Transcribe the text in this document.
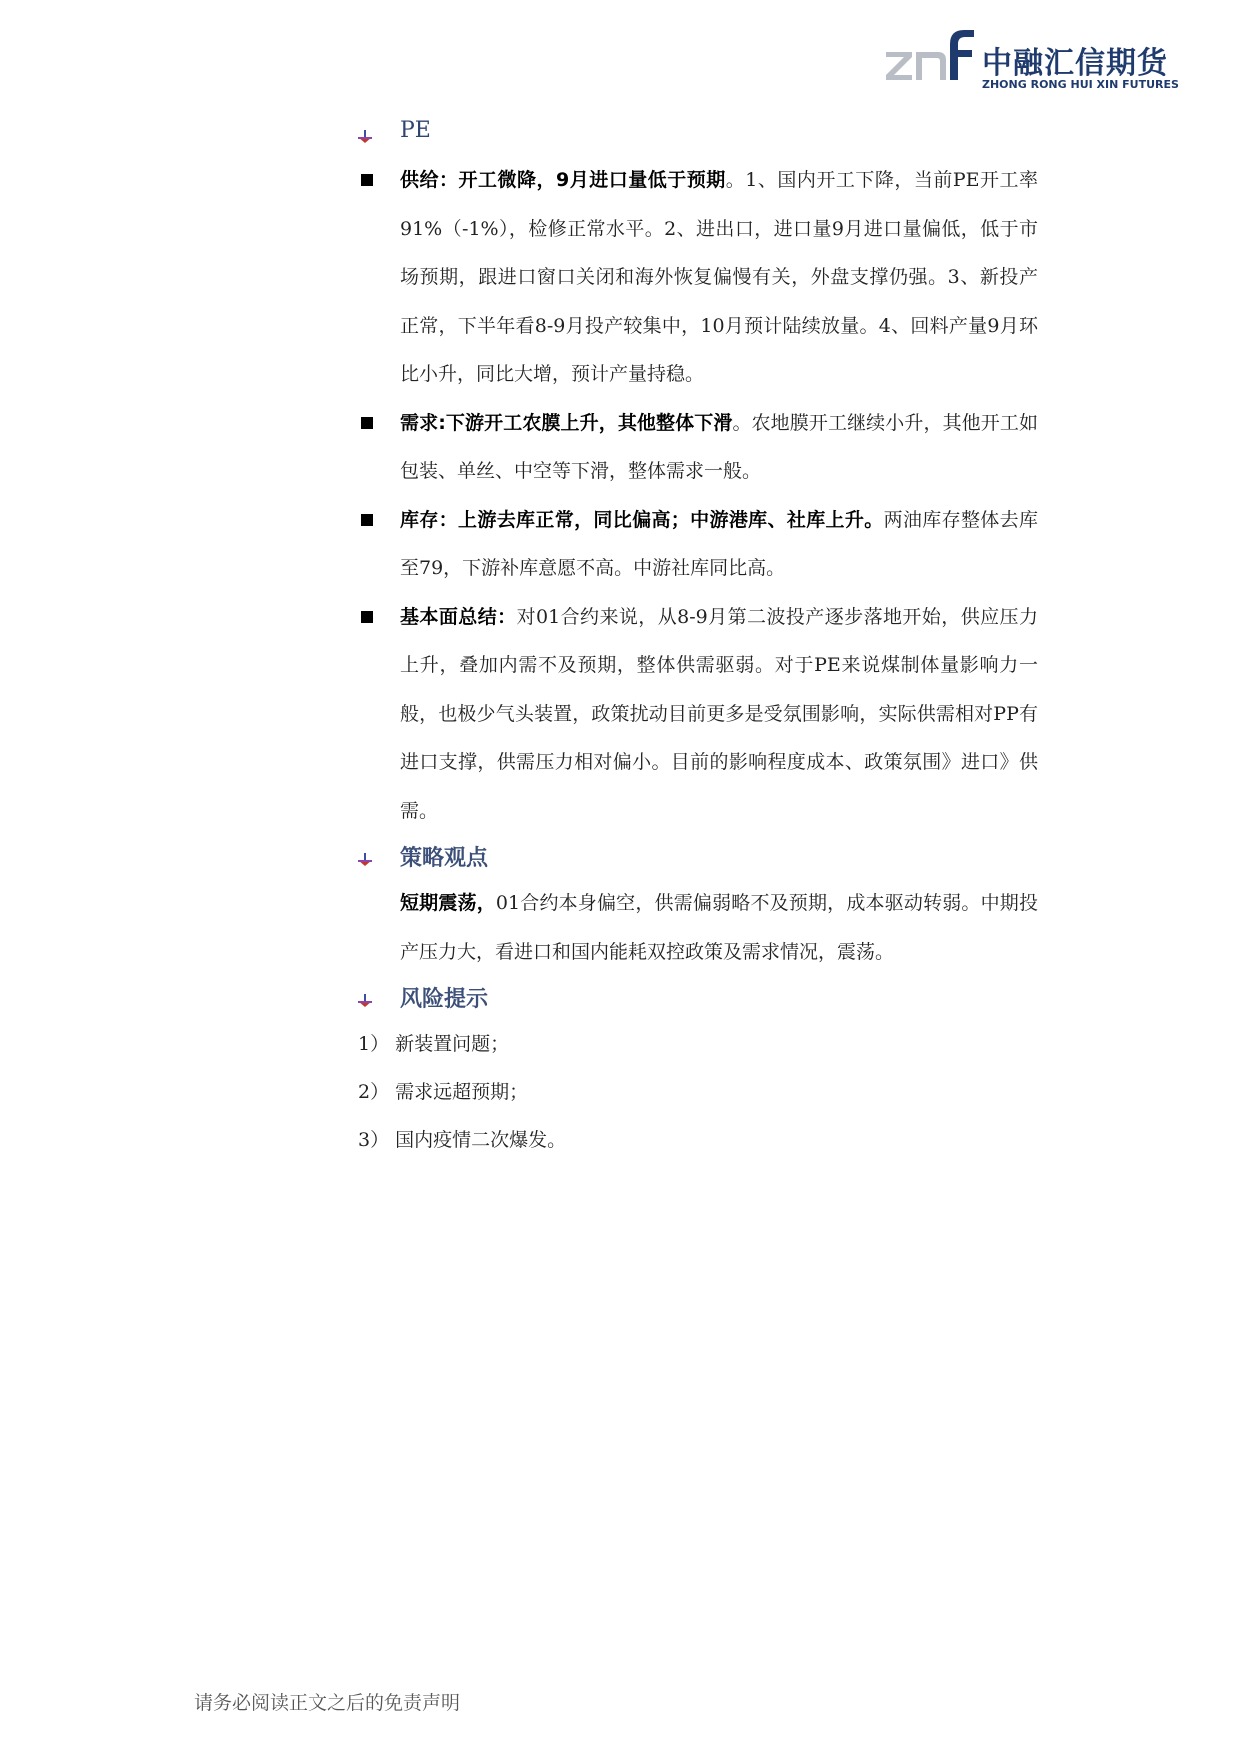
中融汇信期货
ZHONG RONG HUI XIN FUTURES
PE

供给：开工微降，9月进口量低于预期。1、国内开工下降，当前PE开工率91%（-1%），检修正常水平。2、进出口，进口量9月进口量偏低，低于市场预期，跟进口窗口关闭和海外恢复偏慢有关，外盘支撑仍强。3、新投产正常，下半年看8-9月投产较集中，10月预计陆续放量。4、回料产量9月环比小升，同比大增，预计产量持稳。

需求:下游开工农膜上升，其他整体下滑。农地膜开工继续小升，其他开工如包装、单丝、中空等下滑，整体需求一般。

库存：上游去库正常，同比偏高；中游港库、社库上升。两油库存整体去库至79，下游补库意愿不高。中游社库同比高。

基本面总结：对01合约来说，从8-9月第二波投产逐步落地开始，供应压力上升，叠加内需不及预期，整体供需驱弱。对于PE来说煤制体量影响力一般，也极少气头装置，政策扰动目前更多是受氛围影响，实际供需相对PP有进口支撑，供需压力相对偏小。目前的影响程度成本、政策氛围》进口》供需。

策略观点

短期震荡，01合约本身偏空，供需偏弱略不及预期，成本驱动转弱。中期投产压力大，看进口和国内能耗双控政策及需求情况，震荡。

风险提示

1） 新装置问题；

2） 需求远超预期；

3） 国内疫情二次爆发。

请务必阅读正文之后的免责声明
